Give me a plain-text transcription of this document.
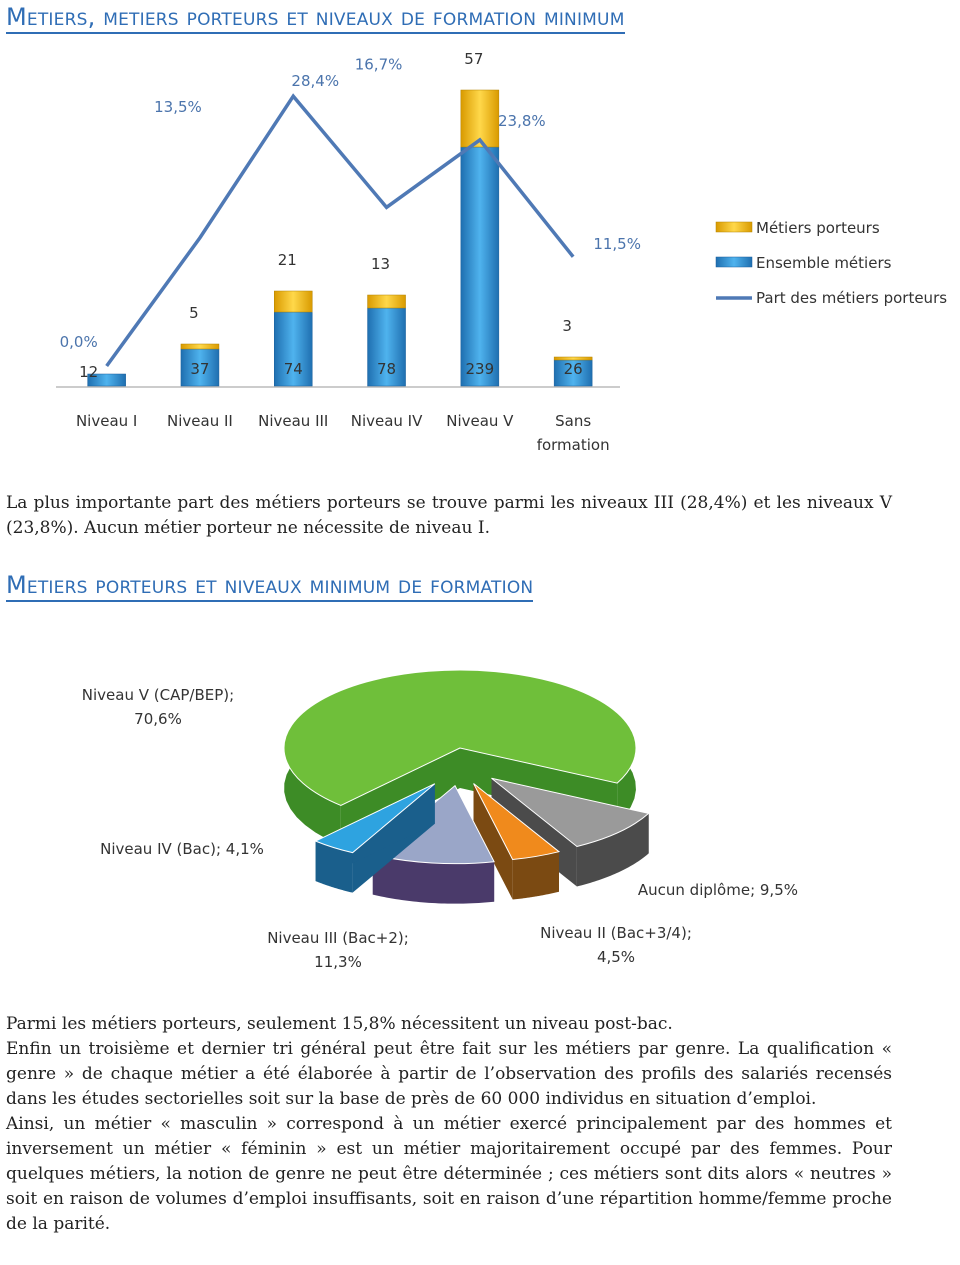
Metiers, metiers porteurs et niveaux de formation minimum
12
Niveau I
37
5
Niveau II
74
21
Niveau III
78
13
Niveau IV
239
57
Niveau V
26
3
Sans
formation
0,0%
13,5%
28,4%
16,7%
23,8%
11,5%
Métiers porteurs
Ensemble métiers
Part des métiers porteurs

La plus importante part des métiers porteurs se trouve parmi les niveaux III (28,4%) et les niveaux V (23,8%). Aucun métier porteur ne nécessite de niveau I.

Metiers porteurs et niveaux minimum de formation
Niveau V (CAP/BEP);
70,6%
Aucun diplôme; 9,5%
Niveau II (Bac+3/4);
4,5%
Niveau III (Bac+2);
11,3%
Niveau IV (Bac); 4,1%

Parmi les métiers porteurs, seulement 15,8% nécessitent un niveau post-bac.

Enfin un troisième et dernier tri général peut être fait sur les métiers par genre. La qualification « genre » de chaque métier a été élaborée à partir de l’observation des profils des salariés recensés dans les études sectorielles soit sur la base de près de 60 000 individus en situation d’emploi.

Ainsi, un métier « masculin » correspond à un métier exercé principalement par des hommes et inversement un métier « féminin » est un métier majoritairement occupé par des femmes. Pour quelques métiers, la notion de genre ne peut être déterminée ; ces métiers sont dits alors « neutres » soit en raison de volumes d’emploi insuffisants, soit en raison d’une répartition homme/femme proche de la parité.
